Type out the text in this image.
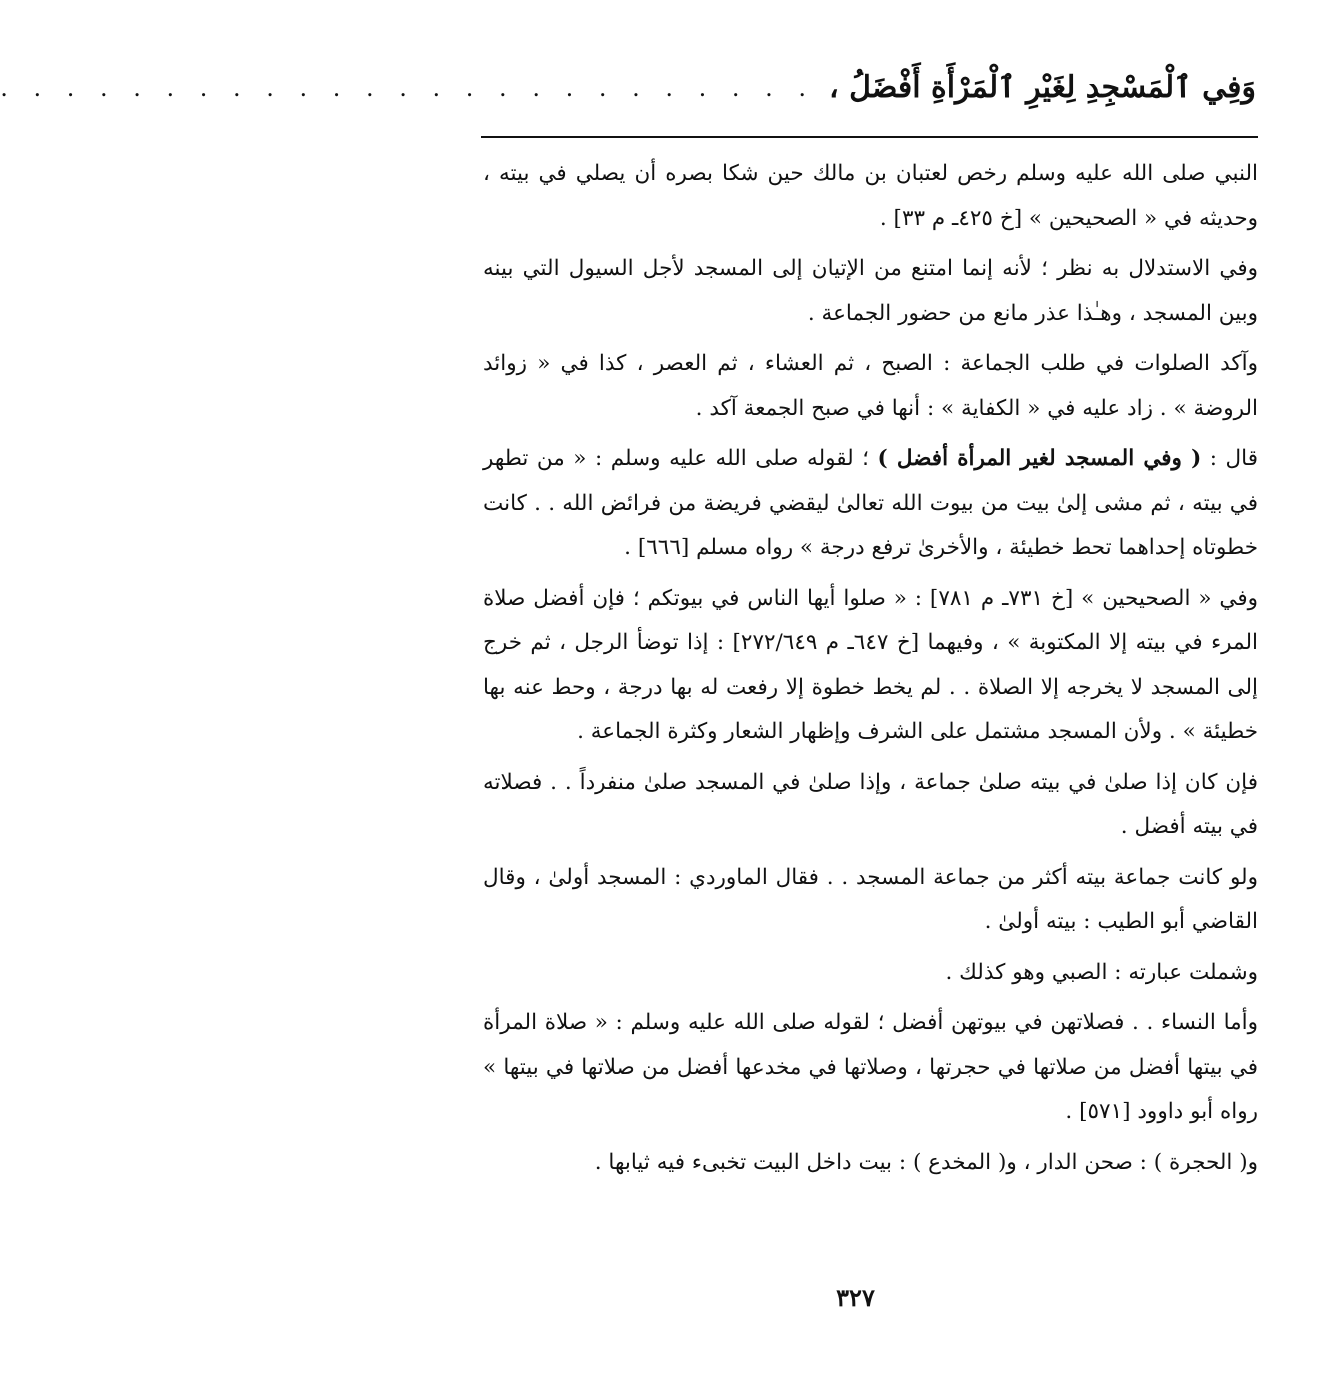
وَفِي ٱلْمَسْجِدِ لِغَيْرِ ٱلْمَرْأَةِ أَفْضَلُ ،
. . . . . . . . . . . . . . . . . . . . . . . . .

النبي صلى الله عليه وسلم رخص لعتبان بن مالك حين شكا بصره أن يصلي في بيته ، وحديثه في « الصحيحين » [خ ٤٢٥ـ م ٣٣] .

وفي الاستدلال به نظر ؛ لأنه إنما امتنع من الإتيان إلى المسجد لأجل السيول التي بينه وبين المسجد ، وهـٰذا عذر مانع من حضور الجماعة .

وآكد الصلوات في طلب الجماعة : الصبح ، ثم العشاء ، ثم العصر ، كذا في « زوائد الروضة » . زاد عليه في « الكفاية » : أنها في صبح الجمعة آكد .

قال : ( وفي المسجد لغير المرأة أفضل ) ؛ لقوله صلى الله عليه وسلم : « من تطهر في بيته ، ثم مشى إلىٰ بيت من بيوت الله تعالىٰ ليقضي فريضة من فرائض الله . . كانت خطوتاه إحداهما تحط خطيئة ، والأخرىٰ ترفع درجة » رواه مسلم [٦٦٦] .

وفي « الصحيحين » [خ ٧٣١ـ م ٧٨١] : « صلوا أيها الناس في بيوتكم ؛ فإن أفضل صلاة المرء في بيته إلا المكتوبة » ، وفيهما [خ ٦٤٧ـ م ٢٧٢/٦٤٩] : إذا توضأ الرجل ، ثم خرج إلى المسجد لا يخرجه إلا الصلاة . . لم يخط خطوة إلا رفعت له بها درجة ، وحط عنه بها خطيئة » . ولأن المسجد مشتمل على الشرف وإظهار الشعار وكثرة الجماعة .

فإن كان إذا صلىٰ في بيته صلىٰ جماعة ، وإذا صلىٰ في المسجد صلىٰ منفرداً . . فصلاته في بيته أفضل .

ولو كانت جماعة بيته أكثر من جماعة المسجد . . فقال الماوردي : المسجد أولىٰ ، وقال القاضي أبو الطيب : بيته أولىٰ .

وشملت عبارته : الصبي وهو كذلك .

وأما النساء . . فصلاتهن في بيوتهن أفضل ؛ لقوله صلى الله عليه وسلم : « صلاة المرأة في بيتها أفضل من صلاتها في حجرتها ، وصلاتها في مخدعها أفضل من صلاتها في بيتها » رواه أبو داوود [٥٧١] .

و( الحجرة ) : صحن الدار ، و( المخدع ) : بيت داخل البيت تخبىء فيه ثيابها .

٣٢٧
